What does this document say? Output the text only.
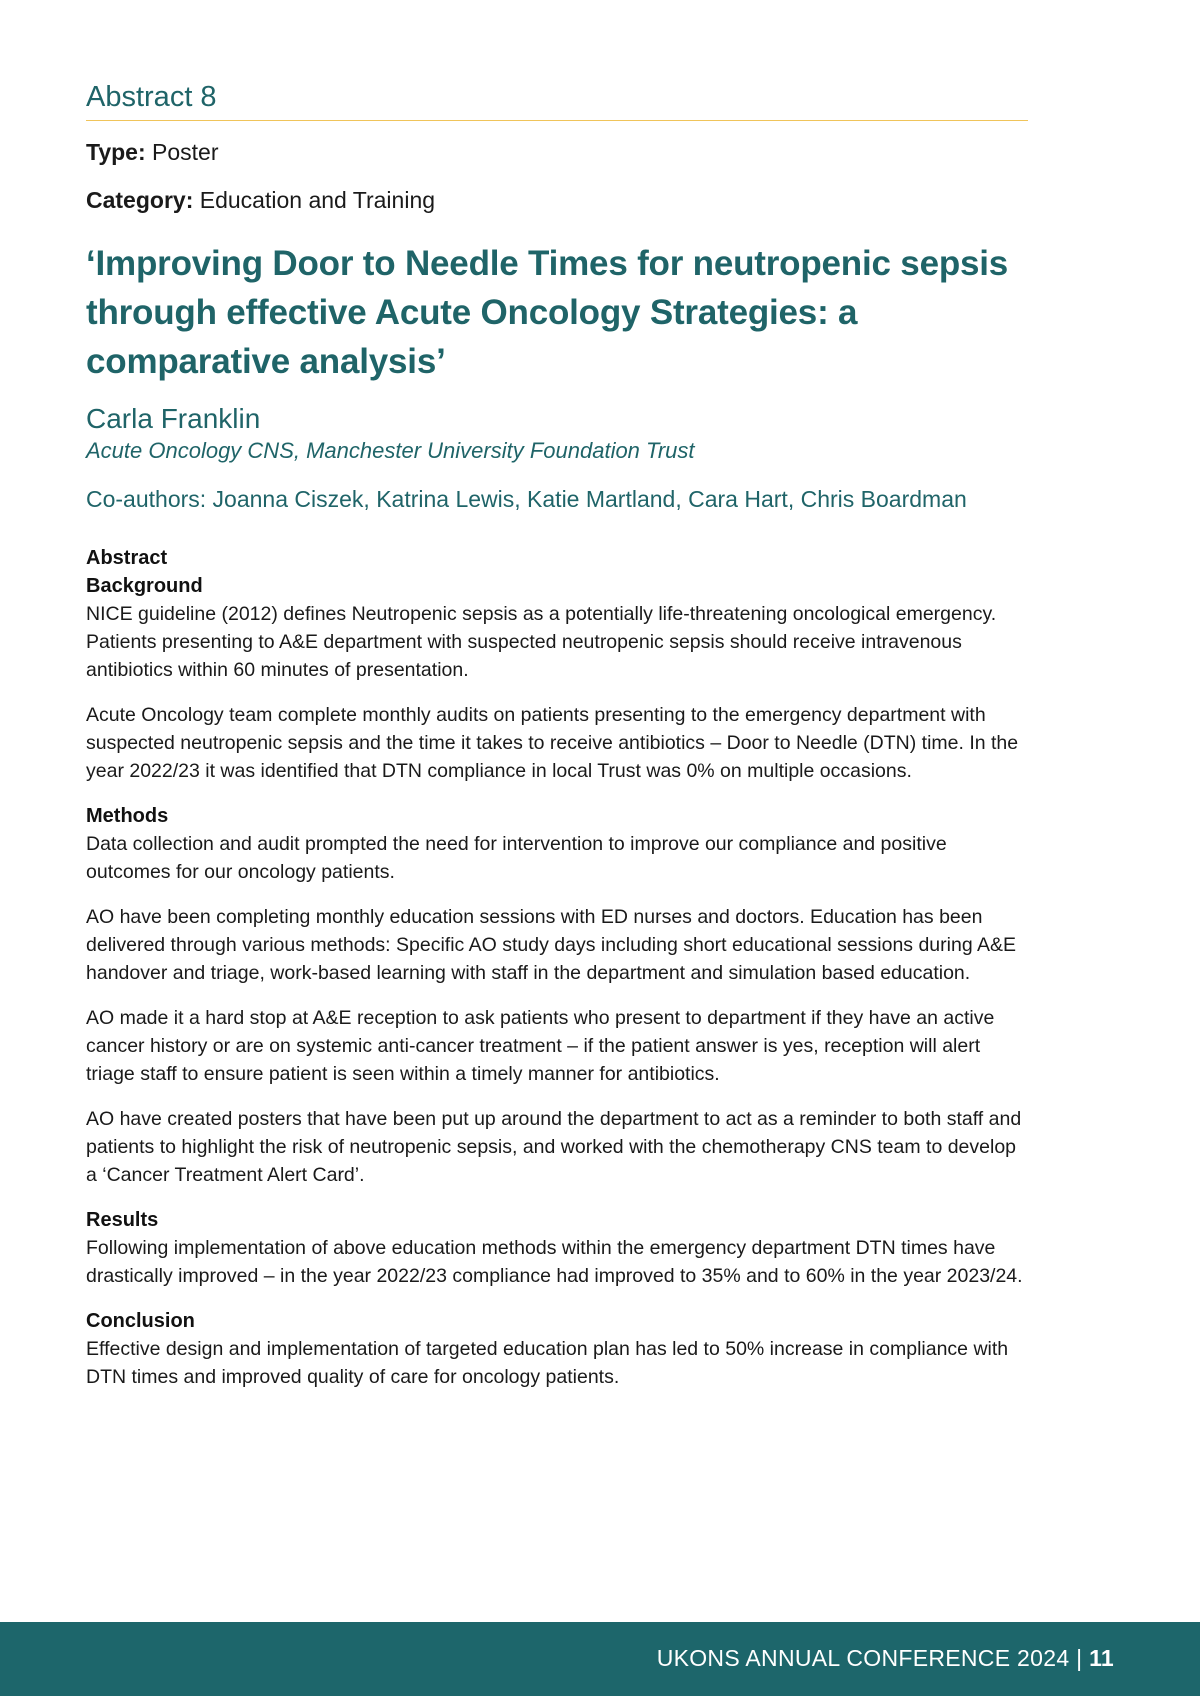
Abstract 8
Type: Poster
Category: Education and Training
‘Improving Door to Needle Times for neutropenic sepsis through effective Acute Oncology Strategies: a comparative analysis’
Carla Franklin
Acute Oncology CNS, Manchester University Foundation Trust
Co-authors: Joanna Ciszek, Katrina Lewis, Katie Martland, Cara Hart, Chris Boardman
Abstract
Background

NICE guideline (2012) defines Neutropenic sepsis as a potentially life-threatening oncological emergency. Patients presenting to A&E department with suspected neutropenic sepsis should receive intravenous antibiotics within 60 minutes of presentation.

Acute Oncology team complete monthly audits on patients presenting to the emergency department with suspected neutropenic sepsis and the time it takes to receive antibiotics – Door to Needle (DTN) time. In the year 2022/23 it was identified that DTN compliance in local Trust was 0% on multiple occasions.

Methods

Data collection and audit prompted the need for intervention to improve our compliance and positive outcomes for our oncology patients.

AO have been completing monthly education sessions with ED nurses and doctors. Education has been delivered through various methods: Specific AO study days including short educational sessions during A&E handover and triage, work-based learning with staff in the department and simulation based education.

AO made it a hard stop at A&E reception to ask patients who present to department if they have an active cancer history or are on systemic anti-cancer treatment – if the patient answer is yes, reception will alert triage staff to ensure patient is seen within a timely manner for antibiotics.

AO have created posters that have been put up around the department to act as a reminder to both staff and patients to highlight the risk of neutropenic sepsis, and worked with the chemotherapy CNS team to develop a ‘Cancer Treatment Alert Card’.

Results

Following implementation of above education methods within the emergency department DTN times have drastically improved – in the year 2022/23 compliance had improved to 35% and to 60% in the year 2023/24.

Conclusion

Effective design and implementation of targeted education plan has led to 50% increase in compliance with DTN times and improved quality of care for oncology patients.

UKONS ANNUAL CONFERENCE 2024 | 11
